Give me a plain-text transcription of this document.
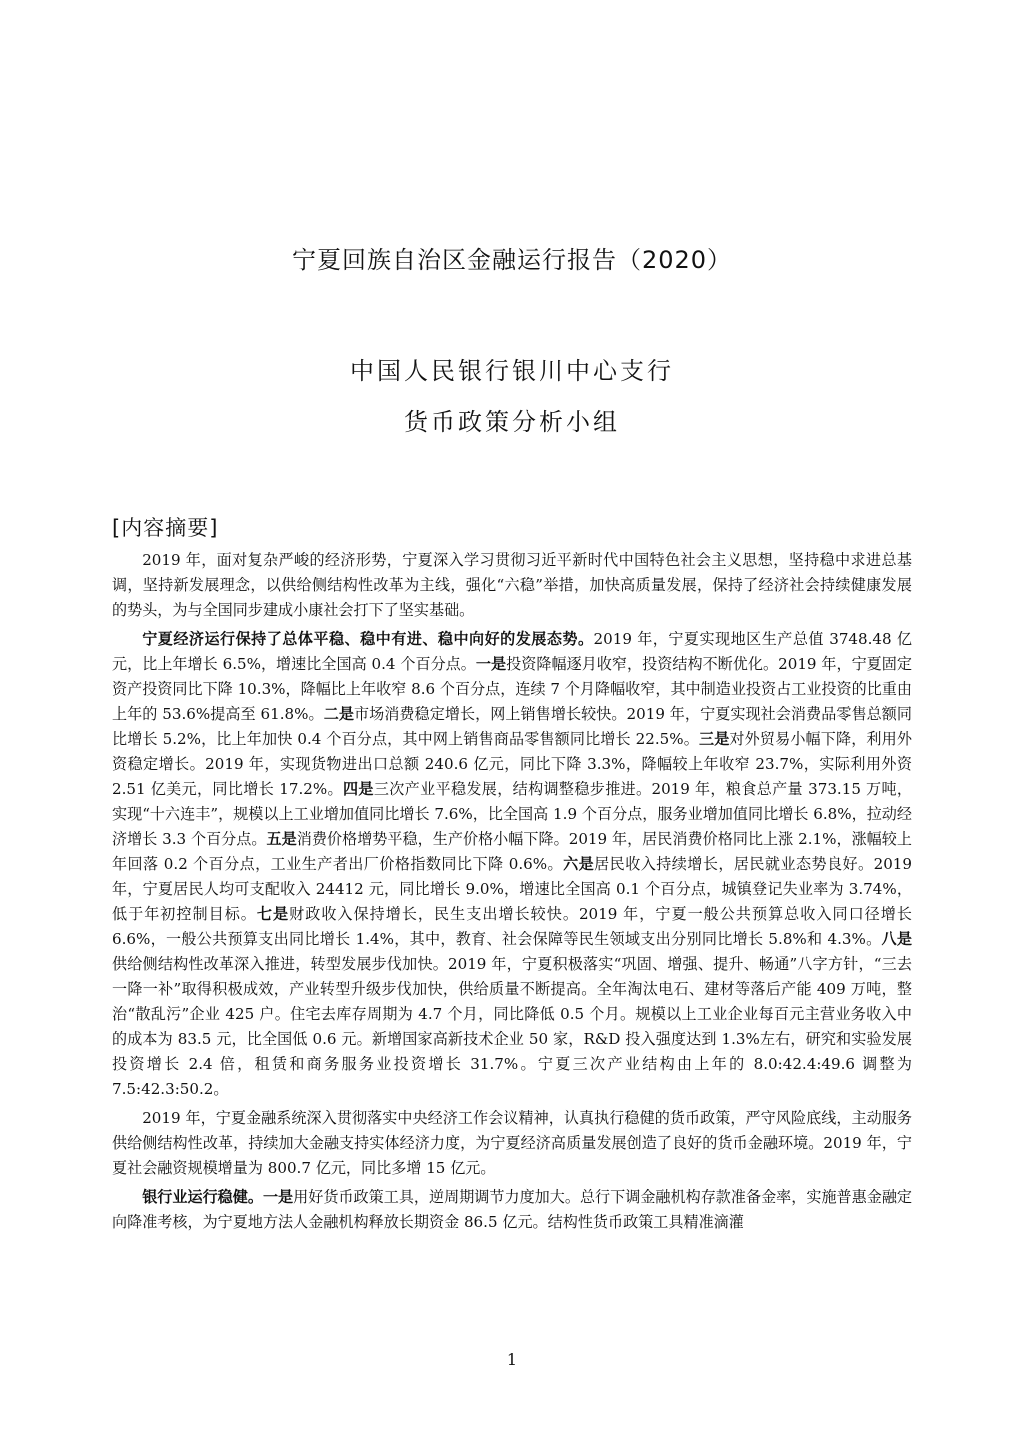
宁夏回族自治区金融运行报告（2020）
中国人民银行银川中心支行
货币政策分析小组
[内容摘要]

2019 年，面对复杂严峻的经济形势，宁夏深入学习贯彻习近平新时代中国特色社会主义思想，坚持稳中求进总基调，坚持新发展理念，以供给侧结构性改革为主线，强化“六稳”举措，加快高质量发展，保持了经济社会持续健康发展的势头，为与全国同步建成小康社会打下了坚实基础。

宁夏经济运行保持了总体平稳、稳中有进、稳中向好的发展态势。2019 年，宁夏实现地区生产总值 3748.48 亿元，比上年增长 6.5%，增速比全国高 0.4 个百分点。一是投资降幅逐月收窄，投资结构不断优化。2019 年，宁夏固定资产投资同比下降 10.3%，降幅比上年收窄 8.6 个百分点，连续 7 个月降幅收窄，其中制造业投资占工业投资的比重由上年的 53.6%提高至 61.8%。二是市场消费稳定增长，网上销售增长较快。2019 年，宁夏实现社会消费品零售总额同比增长 5.2%，比上年加快 0.4 个百分点，其中网上销售商品零售额同比增长 22.5%。三是对外贸易小幅下降，利用外资稳定增长。2019 年，实现货物进出口总额 240.6 亿元，同比下降 3.3%，降幅较上年收窄 23.7%，实际利用外资 2.51 亿美元，同比增长 17.2%。四是三次产业平稳发展，结构调整稳步推进。2019 年，粮食总产量 373.15 万吨，实现“十六连丰”，规模以上工业增加值同比增长 7.6%，比全国高 1.9 个百分点，服务业增加值同比增长 6.8%，拉动经济增长 3.3 个百分点。五是消费价格增势平稳，生产价格小幅下降。2019 年，居民消费价格同比上涨 2.1%，涨幅较上年回落 0.2 个百分点，工业生产者出厂价格指数同比下降 0.6%。六是居民收入持续增长，居民就业态势良好。2019 年，宁夏居民人均可支配收入 24412 元，同比增长 9.0%，增速比全国高 0.1 个百分点，城镇登记失业率为 3.74%，低于年初控制目标。七是财政收入保持增长，民生支出增长较快。2019 年，宁夏一般公共预算总收入同口径增长 6.6%，一般公共预算支出同比增长 1.4%，其中，教育、社会保障等民生领域支出分别同比增长 5.8%和 4.3%。八是供给侧结构性改革深入推进，转型发展步伐加快。2019 年，宁夏积极落实“巩固、增强、提升、畅通”八字方针，“三去一降一补”取得积极成效，产业转型升级步伐加快，供给质量不断提高。全年淘汰电石、建材等落后产能 409 万吨，整治“散乱污”企业 425 户。住宅去库存周期为 4.7 个月，同比降低 0.5 个月。规模以上工业企业每百元主营业务收入中的成本为 83.5 元，比全国低 0.6 元。新增国家高新技术企业 50 家，R&D 投入强度达到 1.3%左右，研究和实验发展投资增长 2.4 倍，租赁和商务服务业投资增长 31.7%。宁夏三次产业结构由上年的 8.0:42.4:49.6 调整为 7.5:42.3:50.2。

2019 年，宁夏金融系统深入贯彻落实中央经济工作会议精神，认真执行稳健的货币政策，严守风险底线，主动服务供给侧结构性改革，持续加大金融支持实体经济力度，为宁夏经济高质量发展创造了良好的货币金融环境。2019 年，宁夏社会融资规模增量为 800.7 亿元，同比多增 15 亿元。

银行业运行稳健。一是用好货币政策工具，逆周期调节力度加大。总行下调金融机构存款准备金率，实施普惠金融定向降准考核，为宁夏地方法人金融机构释放长期资金 86.5 亿元。结构性货币政策工具精准滴灌

1
